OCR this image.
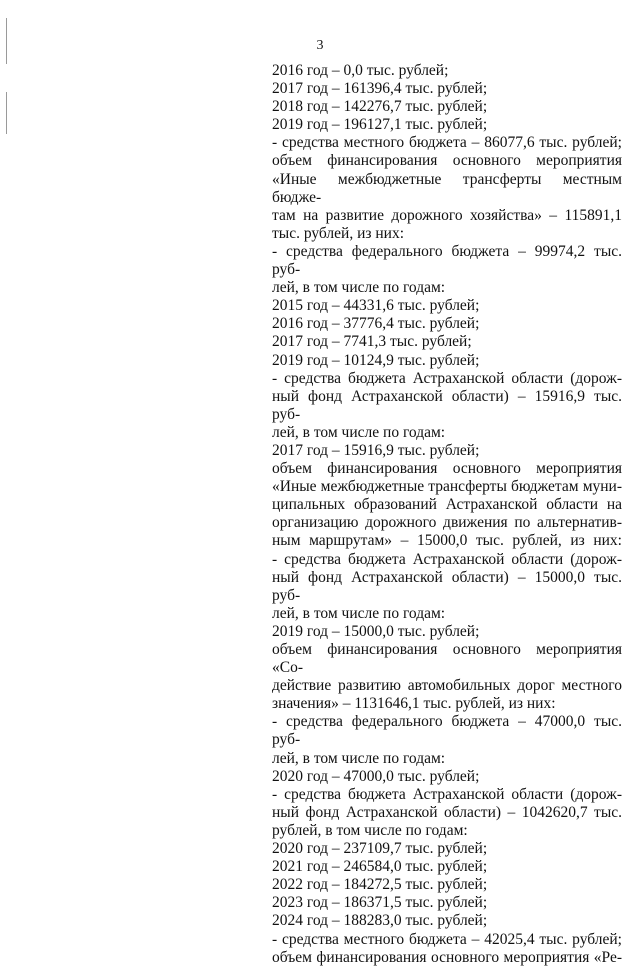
3
2016 год – 0,0 тыс. рублей;
2017 год – 161396,4 тыс. рублей;
2018 год – 142276,7 тыс. рублей;
2019 год – 196127,1 тыс. рублей;
- средства местного бюджета – 86077,6 тыс. рублей;
объем финансирования основного мероприятия
«Иные межбюджетные трансферты местным бюдже-
там на развитие дорожного хозяйства» – 115891,1
тыс. рублей, из них:
- средства федерального бюджета – 99974,2 тыс. руб-
лей, в том числе по годам:
2015 год – 44331,6 тыс. рублей;
2016 год – 37776,4 тыс. рублей;
2017 год – 7741,3 тыс. рублей;
2019 год – 10124,9 тыс. рублей;
- средства бюджета Астраханской области (дорож-
ный фонд Астраханской области) – 15916,9 тыс. руб-
лей, в том числе по годам:
2017 год – 15916,9 тыс. рублей;
объем финансирования основного мероприятия
«Иные межбюджетные трансферты бюджетам муни-
ципальных образований Астраханской области на
организацию дорожного движения по альтернатив-
ным маршрутам» – 15000,0 тыс. рублей, из них:
- средства бюджета Астраханской области (дорож-
ный фонд Астраханской области) – 15000,0 тыс. руб-
лей, в том числе по годам:
2019 год – 15000,0 тыс. рублей;
объем финансирования основного мероприятия «Со-
действие развитию автомобильных дорог местного
значения» – 1131646,1 тыс. рублей, из них:
- средства федерального бюджета – 47000,0 тыс. руб-
лей, в том числе по годам:
2020 год – 47000,0 тыс. рублей;
- средства бюджета Астраханской области (дорож-
ный фонд Астраханской области) – 1042620,7 тыс.
рублей, в том числе по годам:
2020 год – 237109,7 тыс. рублей;
2021 год – 246584,0 тыс. рублей;
2022 год – 184272,5 тыс. рублей;
2023 год – 186371,5 тыс. рублей;
2024 год – 188283,0 тыс. рублей;
- средства местного бюджета – 42025,4 тыс. рублей;
объем финансирования основного мероприятия «Ре-
